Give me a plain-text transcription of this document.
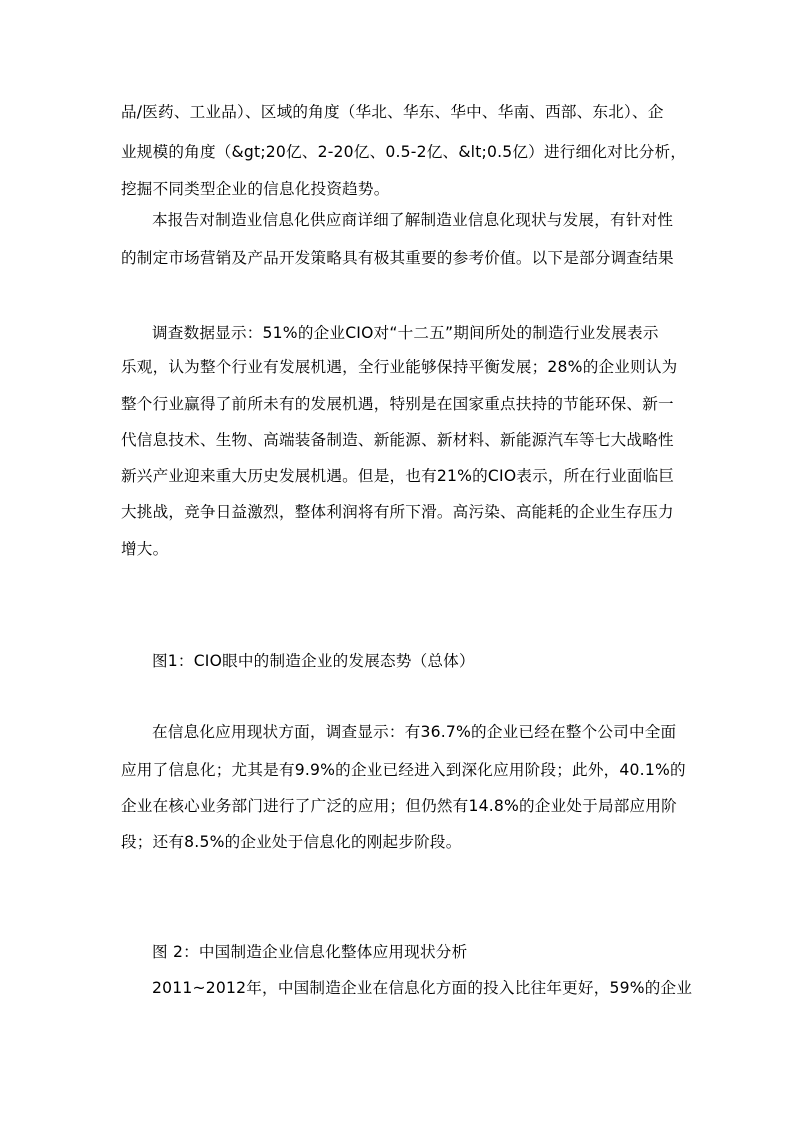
品/医药、工业品）、区域的角度（华北、华东、华中、华南、西部、东北）、企
业规模的角度（&gt;20亿、2-20亿、0.5-2亿、&lt;0.5亿）进行细化对比分析，
挖掘不同类型企业的信息化投资趋势。
本报告对制造业信息化供应商详细了解制造业信息化现状与发展，有针对性
的制定市场营销及产品开发策略具有极其重要的参考价值。以下是部分调查结果
调查数据显示：51%的企业CIO对“十二五”期间所处的制造行业发展表示
乐观，认为整个行业有发展机遇，全行业能够保持平衡发展；28%的企业则认为
整个行业赢得了前所未有的发展机遇，特别是在国家重点扶持的节能环保、新一
代信息技术、生物、高端装备制造、新能源、新材料、新能源汽车等七大战略性
新兴产业迎来重大历史发展机遇。但是，也有21%的CIO表示，所在行业面临巨
大挑战，竞争日益激烈，整体利润将有所下滑。高污染、高能耗的企业生存压力
增大。
图1：CIO眼中的制造企业的发展态势（总体）
在信息化应用现状方面，调查显示：有36.7%的企业已经在整个公司中全面
应用了信息化；尤其是有9.9%的企业已经进入到深化应用阶段；此外，40.1%的
企业在核心业务部门进行了广泛的应用；但仍然有14.8%的企业处于局部应用阶
段；还有8.5%的企业处于信息化的刚起步阶段。
图 2：中国制造企业信息化整体应用现状分析
2011~2012年，中国制造企业在信息化方面的投入比往年更好，59%的企业
